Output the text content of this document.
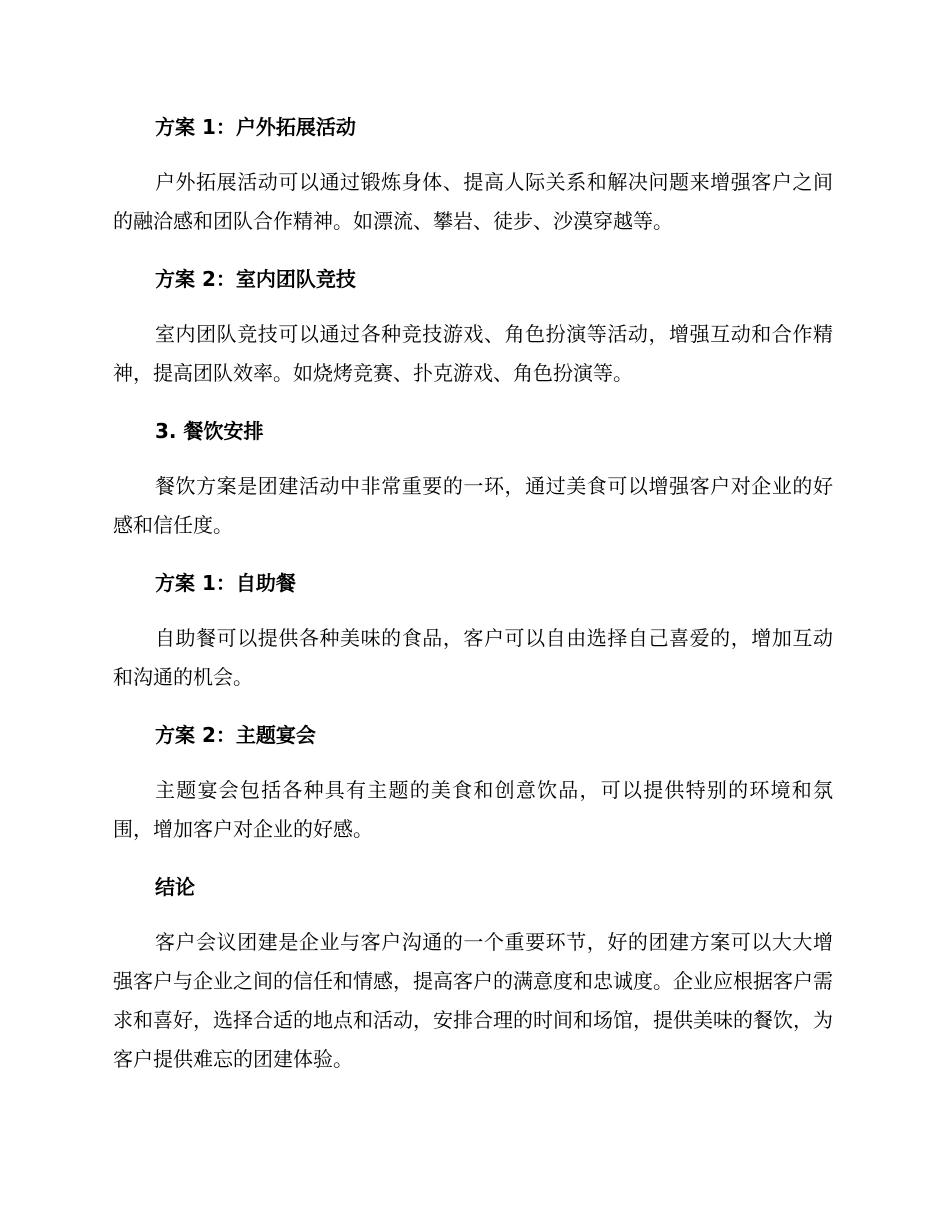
方案 1：户外拓展活动

户外拓展活动可以通过锻炼身体、提高人际关系和解决问题来增强客户之间的融洽感和团队合作精神。如漂流、攀岩、徒步、沙漠穿越等。

方案 2：室内团队竞技

室内团队竞技可以通过各种竞技游戏、角色扮演等活动，增强互动和合作精神，提高团队效率。如烧烤竞赛、扑克游戏、角色扮演等。

3. 餐饮安排

餐饮方案是团建活动中非常重要的一环，通过美食可以增强客户对企业的好感和信任度。

方案 1：自助餐

自助餐可以提供各种美味的食品，客户可以自由选择自己喜爱的，增加互动和沟通的机会。

方案 2：主题宴会

主题宴会包括各种具有主题的美食和创意饮品，可以提供特别的环境和氛围，增加客户对企业的好感。

结论

客户会议团建是企业与客户沟通的一个重要环节，好的团建方案可以大大增强客户与企业之间的信任和情感，提高客户的满意度和忠诚度。企业应根据客户需求和喜好，选择合适的地点和活动，安排合理的时间和场馆，提供美味的餐饮，为客户提供难忘的团建体验。
